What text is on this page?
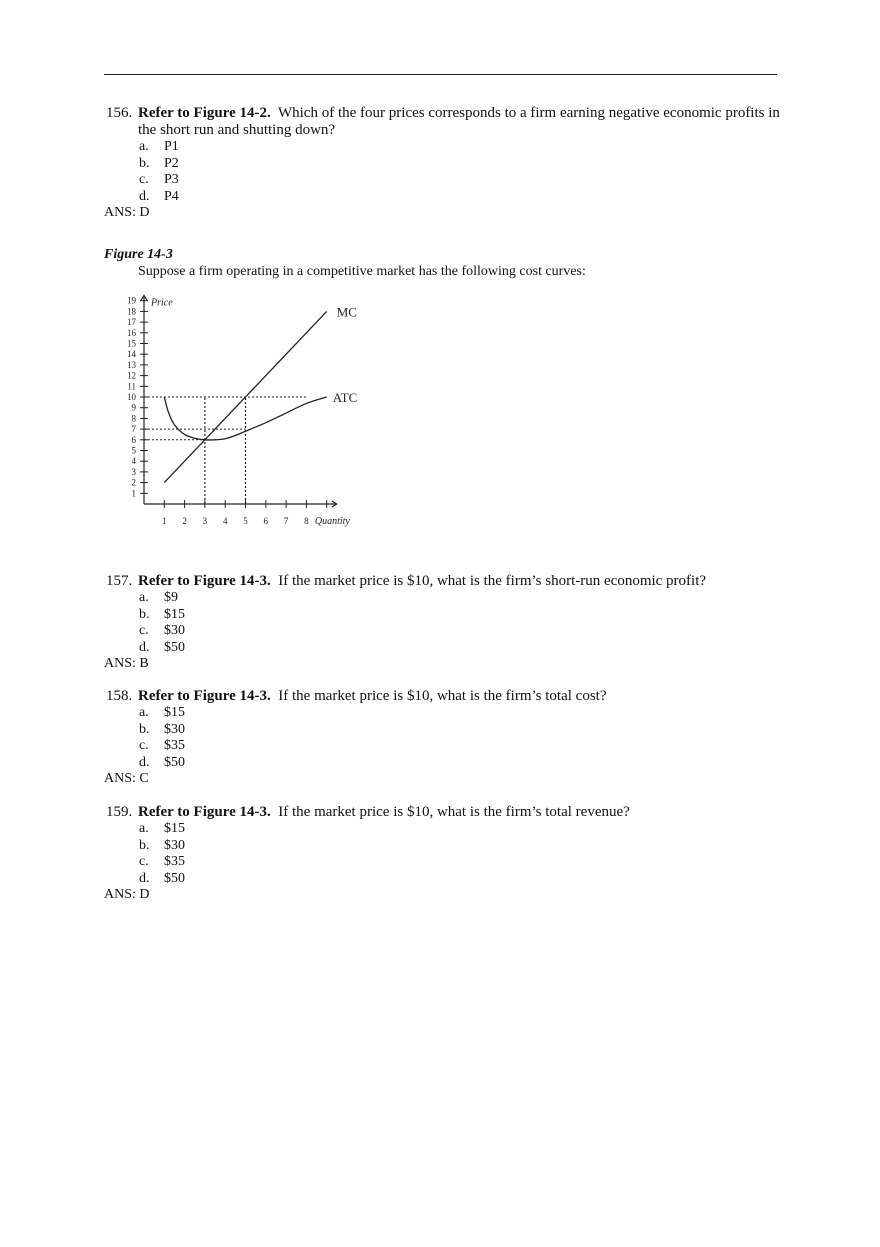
156. Refer to Figure 14-2. Which of the four prices corresponds to a firm earning negative economic profits in the short run and shutting down?
a. P1
b. P2
c. P3
d. P4
ANS: D
Figure 14-3
Suppose a firm operating in a competitive market has the following cost curves:
1
2
3
4
5
6
7
8
9
10
11
12
13
14
15
16
17
18
19
1 2 3 4 5 6 7 8
Price
Quantity
MC
ATC
157. Refer to Figure 14-3. If the market price is $10, what is the firm’s short-run economic profit?
a. $9
b. $15
c. $30
d. $50
ANS: B
158. Refer to Figure 14-3. If the market price is $10, what is the firm’s total cost?
a. $15
b. $30
c. $35
d. $50
ANS: C
159. Refer to Figure 14-3. If the market price is $10, what is the firm’s total revenue?
a. $15
b. $30
c. $35
d. $50
ANS: D
